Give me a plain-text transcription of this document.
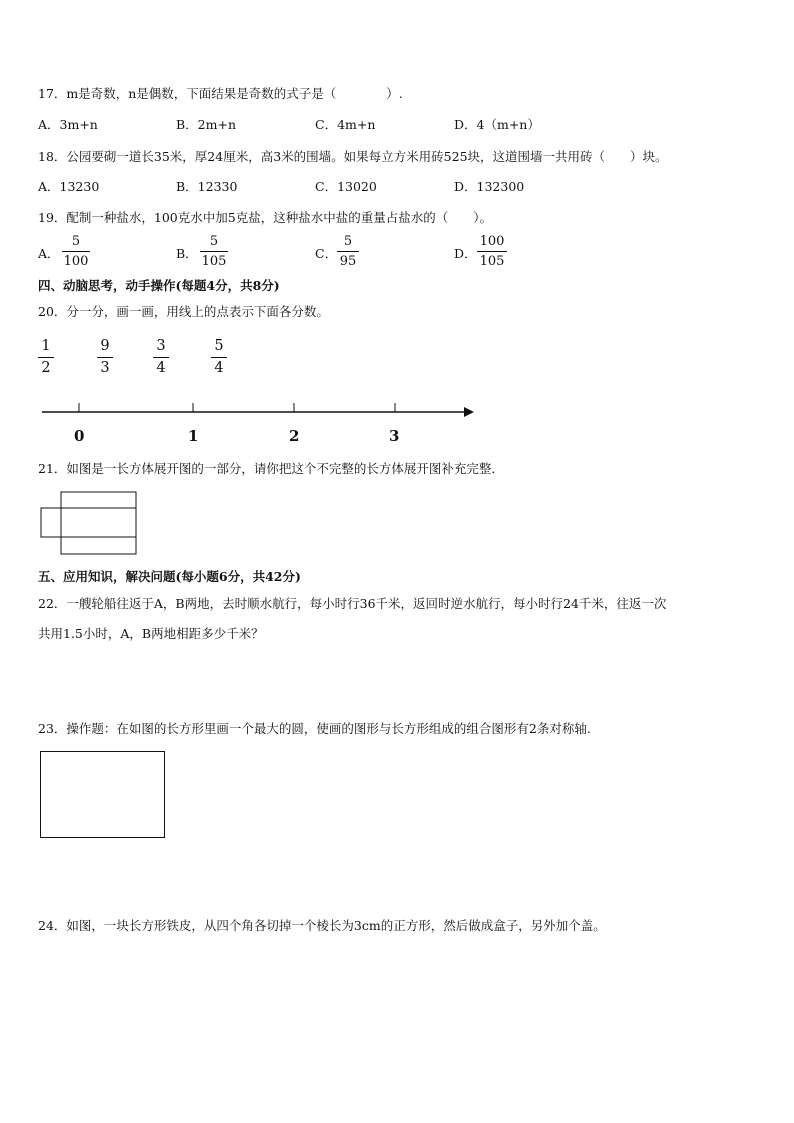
17．m是奇数，n是偶数，下面结果是奇数的式子是（　　　　）.
A．3m+n	B．2m+n	C．4m+n	D．4（m+n）
18．公园要砌一道长35米，厚24厘米，高3米的围墙。如果每立方米用砖525块，这道围墙一共用砖（　　）块。
A．13230	B．12330	C．13020	D．132300
19．配制一种盐水，100克水中加5克盐，这种盐水中盐的重量占盐水的（　　）。
A．
5
100
B．
5
105
C．
5
95
D．
100
105
四、动脑思考，动手操作(每题4分，共8分)
20．分一分，画一画，用线上的点表示下面各分数。
1
2
9
3
3
4
5
4
0	1	2	3
21．如图是一长方体展开图的一部分，请你把这个不完整的长方体展开图补充完整．
五、应用知识，解决问题(每小题6分，共42分)
22．一艘轮船往返于A，B两地，去时顺水航行，每小时行36千米，返回时逆水航行，每小时行24千米，往返一次
共用1.5小时，A，B两地相距多少千米？
23．操作题：在如图的长方形里画一个最大的圆，使画的图形与长方形组成的组合图形有2条对称轴.
24．如图，一块长方形铁皮，从四个角各切掉一个棱长为3cm的正方形，然后做成盒子，另外加个盖。
